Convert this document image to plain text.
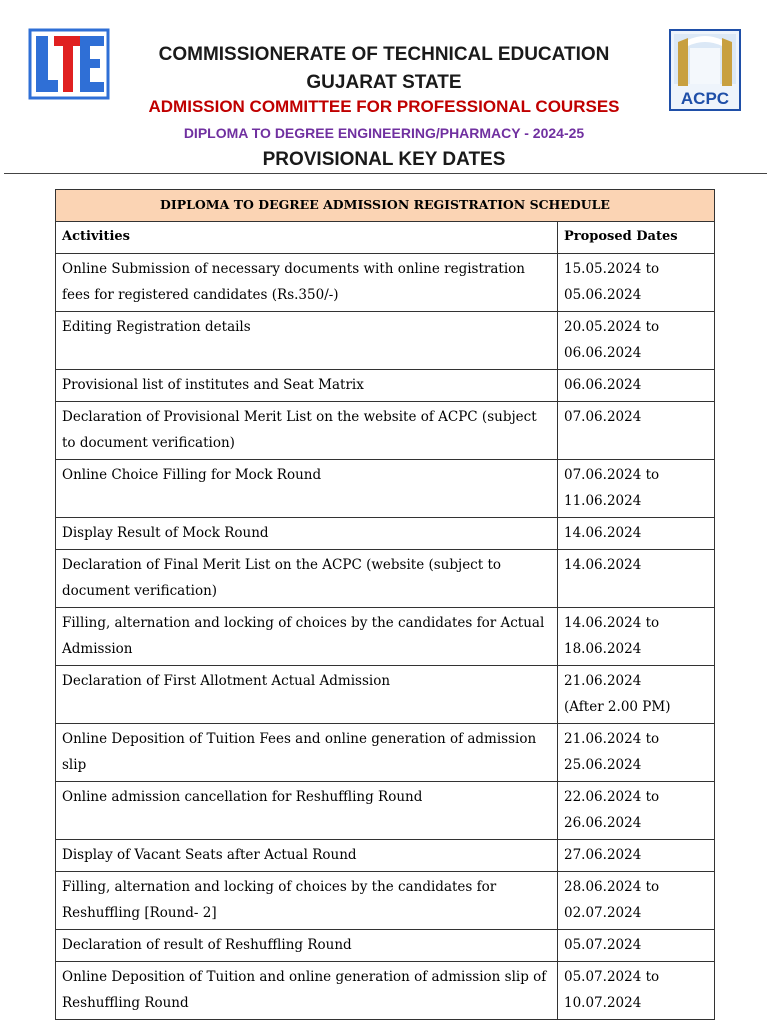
COMMISSIONERATE OF TECHNICAL EDUCATION
GUJARAT STATE
ADMISSION COMMITTEE FOR PROFESSIONAL COURSES
DIPLOMA TO DEGREE ENGINEERING/PHARMACY - 2024-25
PROVISIONAL KEY DATES
ACPC
DIPLOMA TO DEGREE ADMISSION REGISTRATION SCHEDULE	
Activities	Proposed Dates
Online Submission of necessary documents with online registration fees for registered candidates (Rs.350/-)	15.05.2024 to
05.06.2024

Editing Registration details	20.05.2024 to
06.06.2024

Provisional list of institutes and Seat Matrix	06.06.2024

Declaration of Provisional Merit List on the website of ACPC (subject to document verification)	07.06.2024

Online Choice Filling for Mock Round	07.06.2024 to
11.06.2024

Display Result of Mock Round	14.06.2024

Declaration of Final Merit List on the ACPC (website (subject to document verification)	14.06.2024

Filling, alternation and locking of choices by the candidates for Actual Admission	14.06.2024 to
18.06.2024

Declaration of First Allotment Actual Admission	21.06.2024
(After 2.00 PM)

Online Deposition of Tuition Fees and online generation of admission slip	21.06.2024 to
25.06.2024

Online admission cancellation for Reshuffling Round	22.06.2024 to
26.06.2024

Display of Vacant Seats after Actual Round	27.06.2024

Filling, alternation and locking of choices by the candidates for Reshuffling [Round- 2]	28.06.2024 to
02.07.2024

Declaration of result of Reshuffling Round	05.07.2024

Online Deposition of Tuition and online generation of admission slip of Reshuffling Round	05.07.2024 to
10.07.2024
